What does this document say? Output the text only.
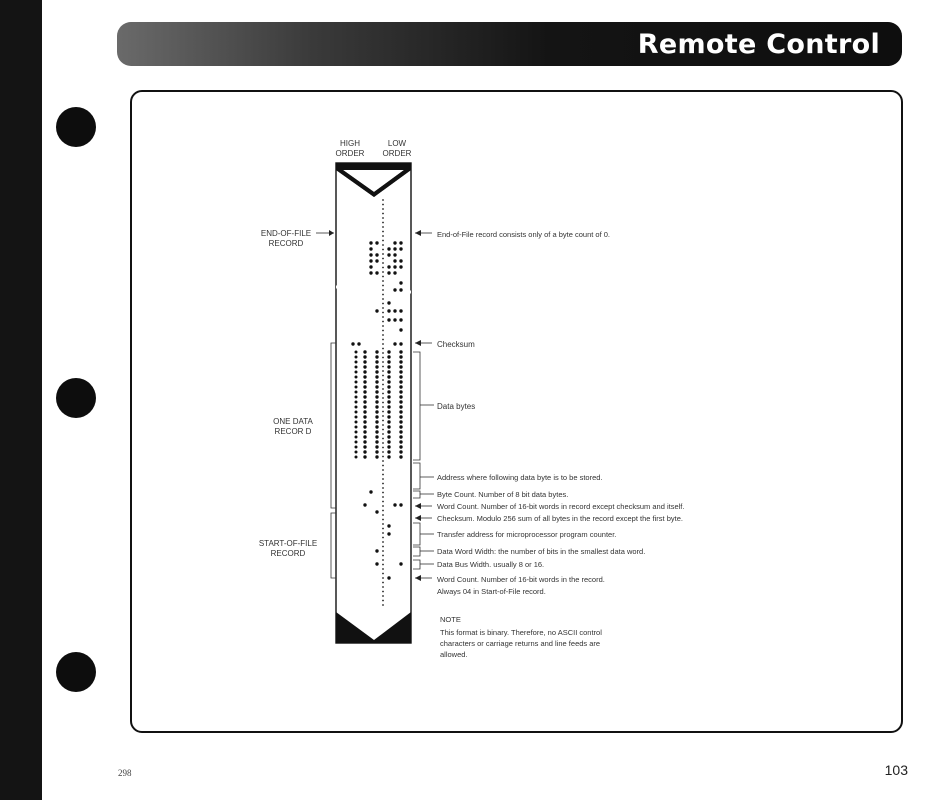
Remote Control
HIGH
ORDER
LOW
ORDER
END-OF-FILE
RECORD
ONE DATA
RECOR D
START-OF-FILE
RECORD
End-of-File record consists only of a byte count of 0.
Checksum
Data bytes
Address where following data byte is to be stored.
Byte Count. Number of 8 bit data bytes.
Word Count. Number of 16-bit words in record except checksum and itself.
Checksum. Modulo 256 sum of all bytes in the record except the first byte.
Transfer address for microprocessor program counter.
Data Word Width: the number of bits in the smallest data word.
Data Bus Width. usually 8 or 16.
Word Count. Number of 16-bit words in the record.
Always 04 in Start-of-File record.
NOTE
This format is binary. Therefore, no ASCII control
characters or carriage returns and line feeds are
allowed.
298	103
